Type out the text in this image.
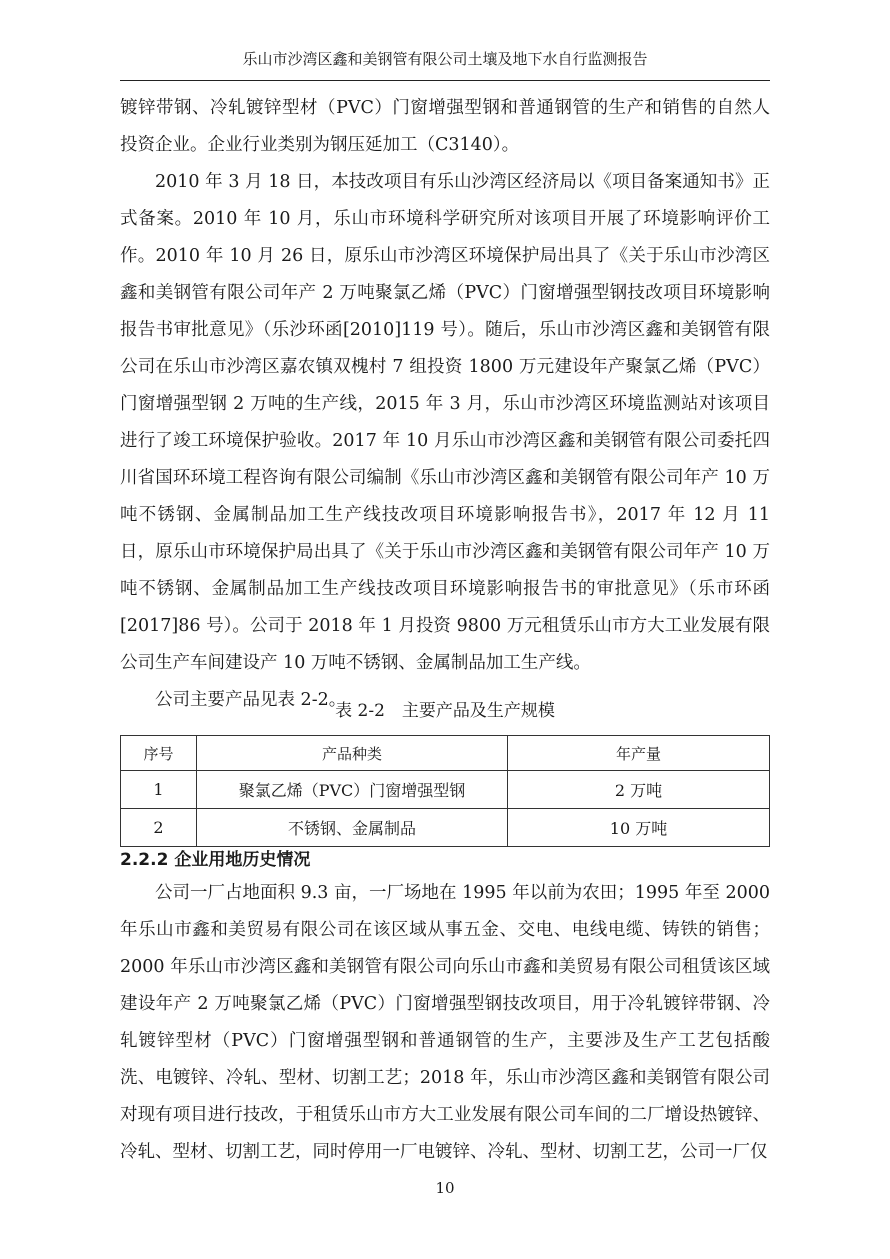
乐山市沙湾区鑫和美钢管有限公司土壤及地下水自行监测报告

镀锌带钢、冷轧镀锌型材（PVC）门窗增强型钢和普通钢管的生产和销售的自然人投资企业。企业行业类别为钢压延加工（C3140）。

2010 年 3 月 18 日，本技改项目有乐山沙湾区经济局以《项目备案通知书》正式备案。2010 年 10 月，乐山市环境科学研究所对该项目开展了环境影响评价工作。2010 年 10 月 26 日，原乐山市沙湾区环境保护局出具了《关于乐山市沙湾区鑫和美钢管有限公司年产 2 万吨聚氯乙烯（PVC）门窗增强型钢技改项目环境影响报告书审批意见》（乐沙环函[2010]119 号）。随后，乐山市沙湾区鑫和美钢管有限公司在乐山市沙湾区嘉农镇双槐村 7 组投资 1800 万元建设年产聚氯乙烯（PVC）门窗增强型钢 2 万吨的生产线，2015 年 3 月，乐山市沙湾区环境监测站对该项目进行了竣工环境保护验收。2017 年 10 月乐山市沙湾区鑫和美钢管有限公司委托四川省国环环境工程咨询有限公司编制《乐山市沙湾区鑫和美钢管有限公司年产 10 万吨不锈钢、金属制品加工生产线技改项目环境影响报告书》，2017 年 12 月 11 日，原乐山市环境保护局出具了《关于乐山市沙湾区鑫和美钢管有限公司年产 10 万吨不锈钢、金属制品加工生产线技改项目环境影响报告书的审批意见》（乐市环函[2017]86 号）。公司于 2018 年 1 月投资 9800 万元租赁乐山市方大工业发展有限公司生产车间建设产 10 万吨不锈钢、金属制品加工生产线。

公司主要产品见表 2-2。

表 2-2　主要产品及生产规模
序号	产品种类	年产量
1	聚氯乙烯（PVC）门窗增强型钢	2 万吨
2	不锈钢、金属制品	10 万吨
2.2.2 企业用地历史情况

公司一厂占地面积 9.3 亩，一厂场地在 1995 年以前为农田；1995 年至 2000 年乐山市鑫和美贸易有限公司在该区域从事五金、交电、电线电缆、铸铁的销售；2000 年乐山市沙湾区鑫和美钢管有限公司向乐山市鑫和美贸易有限公司租赁该区域建设年产 2 万吨聚氯乙烯（PVC）门窗增强型钢技改项目，用于冷轧镀锌带钢、冷轧镀锌型材（PVC）门窗增强型钢和普通钢管的生产，主要涉及生产工艺包括酸洗、电镀锌、冷轧、型材、切割工艺；2018 年，乐山市沙湾区鑫和美钢管有限公司对现有项目进行技改，于租赁乐山市方大工业发展有限公司车间的二厂增设热镀锌、冷轧、型材、切割工艺，同时停用一厂电镀锌、冷轧、型材、切割工艺，公司一厂仅

10
